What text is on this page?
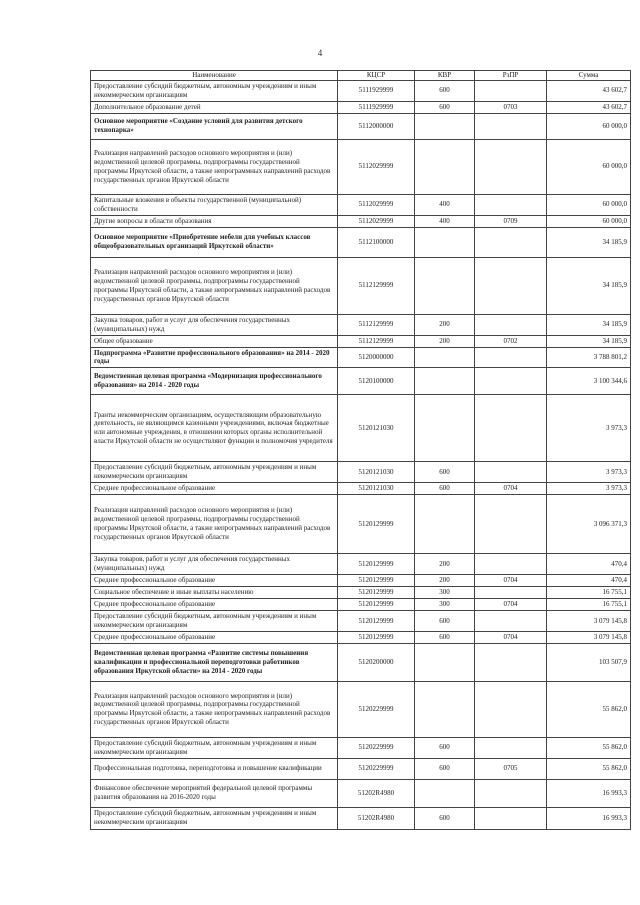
4
Наименование	КЦСР	КВР	РзПР	Сумма
Предоставление субсидий бюджетным, автономным учреждениям и иным некоммерческим организациям	5111929999	600		43 602,7
Дополнительное образование детей	5111929999	600	0703	43 602,7
Основное мероприятие «Создание условий для развития детского технопарка»	5112000000			60 000,0
Реализация направлений расходов основного мероприятия и (или) ведомственной целевой программы, подпрограммы государственной программы Иркутской области, а также непрограммных направлений расходов государственных органов Иркутской области	5112029999			60 000,0
Капитальные вложения в объекты государственной (муниципальной) собственности	5112029999	400		60 000,0
Другие вопросы в области образования	5112029999	400	0709	60 000,0
Основное мероприятие «Приобретение мебели для учебных классов общеобразовательных организаций Иркутской области»	5112100000			34 185,9
Реализация направлений расходов основного мероприятия и (или) ведомственной целевой программы, подпрограммы государственной программы Иркутской области, а также непрограммных направлений расходов государственных органов Иркутской области	5112129999			34 185,9
Закупка товаров, работ и услуг для обеспечения государственных (муниципальных) нужд	5112129999	200		34 185,9
Общее образование	5112129999	200	0702	34 185,9
Подпрограмма «Развитие профессионального образования» на 2014 - 2020 годы	5120000000			3 788 801,2
Ведомственная целевая программа «Модернизация профессионального образования» на 2014 - 2020 годы	5120100000			3 100 344,6
Гранты некоммерческим организациям, осуществляющим образовательную деятельность, не являющимся казенными учреждениями, включая бюджетные или автономные учреждения, в отношении которых органы исполнительной власти Иркутской области не осуществляют функции и полномочия учредителя	5120121030			3 973,3
Предоставление субсидий бюджетным, автономным учреждениям и иным некоммерческим организациям	5120121030	600		3 973,3
Среднее профессиональное образование	5120121030	600	0704	3 973,3
Реализация направлений расходов основного мероприятия и (или) ведомственной целевой программы, подпрограммы государственной программы Иркутской области, а также непрограммных направлений расходов государственных органов Иркутской области	5120129999			3 096 371,3
Закупка товаров, работ и услуг для обеспечения государственных (муниципальных) нужд	5120129999	200		470,4
Среднее профессиональное образование	5120129999	200	0704	470,4
Социальное обеспечение и иные выплаты населению	5120129999	300		16 755,1
Среднее профессиональное образование	5120129999	300	0704	16 755,1
Предоставление субсидий бюджетным, автономным учреждениям и иным некоммерческим организациям	5120129999	600		3 079 145,8
Среднее профессиональное образование	5120129999	600	0704	3 079 145,8
Ведомственная целевая программа «Развитие системы повышения квалификации и профессиональной переподготовки работников образования Иркутской области» на 2014 - 2020 годы	5120200000			103 507,9
Реализация направлений расходов основного мероприятия и (или) ведомственной целевой программы, подпрограммы государственной программы Иркутской области, а также непрограммных направлений расходов государственных органов Иркутской области	5120229999			55 862,0
Предоставление субсидий бюджетным, автономным учреждениям и иным некоммерческим организациям	5120229999	600		55 862,0
Профессиональная подготовка, переподготовка и повышение квалификации	5120229999	600	0705	55 862,0
Финансовое обеспечение мероприятий федеральной целевой программы развития образования на 2016-2020 годы	51202R4980			16 993,3
Предоставление субсидий бюджетным, автономным учреждениям и иным некоммерческим организациям	51202R4980	600		16 993,3
